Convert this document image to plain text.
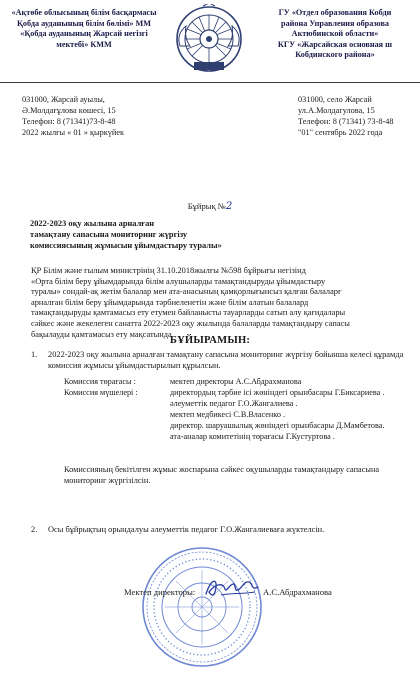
«Ақтөбе облысының білім басқармасы
Қобда ауданының білім бөлімі» ММ
«Қобда ауданының Жарсай негізгі
мектебі» КММ
ГУ «Отдел образования Кобди
района Управления образова
Актюбинской области»
КГУ «Жарсайская основная ш
Кобдинского района»
031000, Жарсай ауылы,
Ә.Молдағұлова көшесі, 15
Телефон: 8 (71341)73-8-48
2022 жылғы « 01 » қыркүйек
031000, село Жарсай
ул.А.Молдагулова, 15
Телефон: 8 (71341) 73-8-48
"01" сентябрь 2022 года
Бұйрық №2
2022-2023 оқу жылына арналған
тамақтану сапасына мониторинг жүргізу
комиссиясының жұмысын ұйымдастыру туралы»
ҚР Білім және ғылым министрінің 31.10.2018жылғы №598 бұйрығы негізінд
«Орта білім беру ұйымдарында білім алушыларды тамақтандыруды ұйымдастыру
туралы» сондай-ақ жетім балалар мен ата-анасының қамқорлығынсыз қалған балаларғ
арналған білім беру ұйымдарында тәрбиеленетін және білім алатын балалард
тамақтандыруды қамтамасыз ету етумен байланысты тауарларды сатып алу қағидалары
сәйкес және жекелеген санатта 2022-2023 оқу жылында балаларды тамақтандыру сапасы
бақылауды қамтамасыз ету мақсатында
БҰЙЫРАМЫН:
1. 2022-2023 оқу жылына арналған тамақтану сапасына мониторинг жүргізу бойынша келесі құрамда комиссия жұмысы ұйымдастырылып құрылсын.
Комиссия төрағасы :	мектеп директоры А.С.Абдрахманова
Комиссия мүшелері :	директордың тәрбие ісі жөніндегі орынбасары Г.Биксариева .
әлеуметтік педагог Г.О.Жангалиева .
мектеп медбикесі С.В.Власенко .
директор. шаруашылық жөніндегі орынбасары Д.Мамбетова.
ата-аналар комитетінің төрағасы Г.Кустуртова .
Комиссияның бекітілген жұмыс жоспарына сәйкес оқушыларды тамақтандыру сапасына мониторинг жүргізілсін.
2. Осы бұйрықтың орындалуы әлеуметтік педагог Г.О.Жангалиеваға жүктелсін.
Мектеп директоры:	А.С.Абдрахманова
